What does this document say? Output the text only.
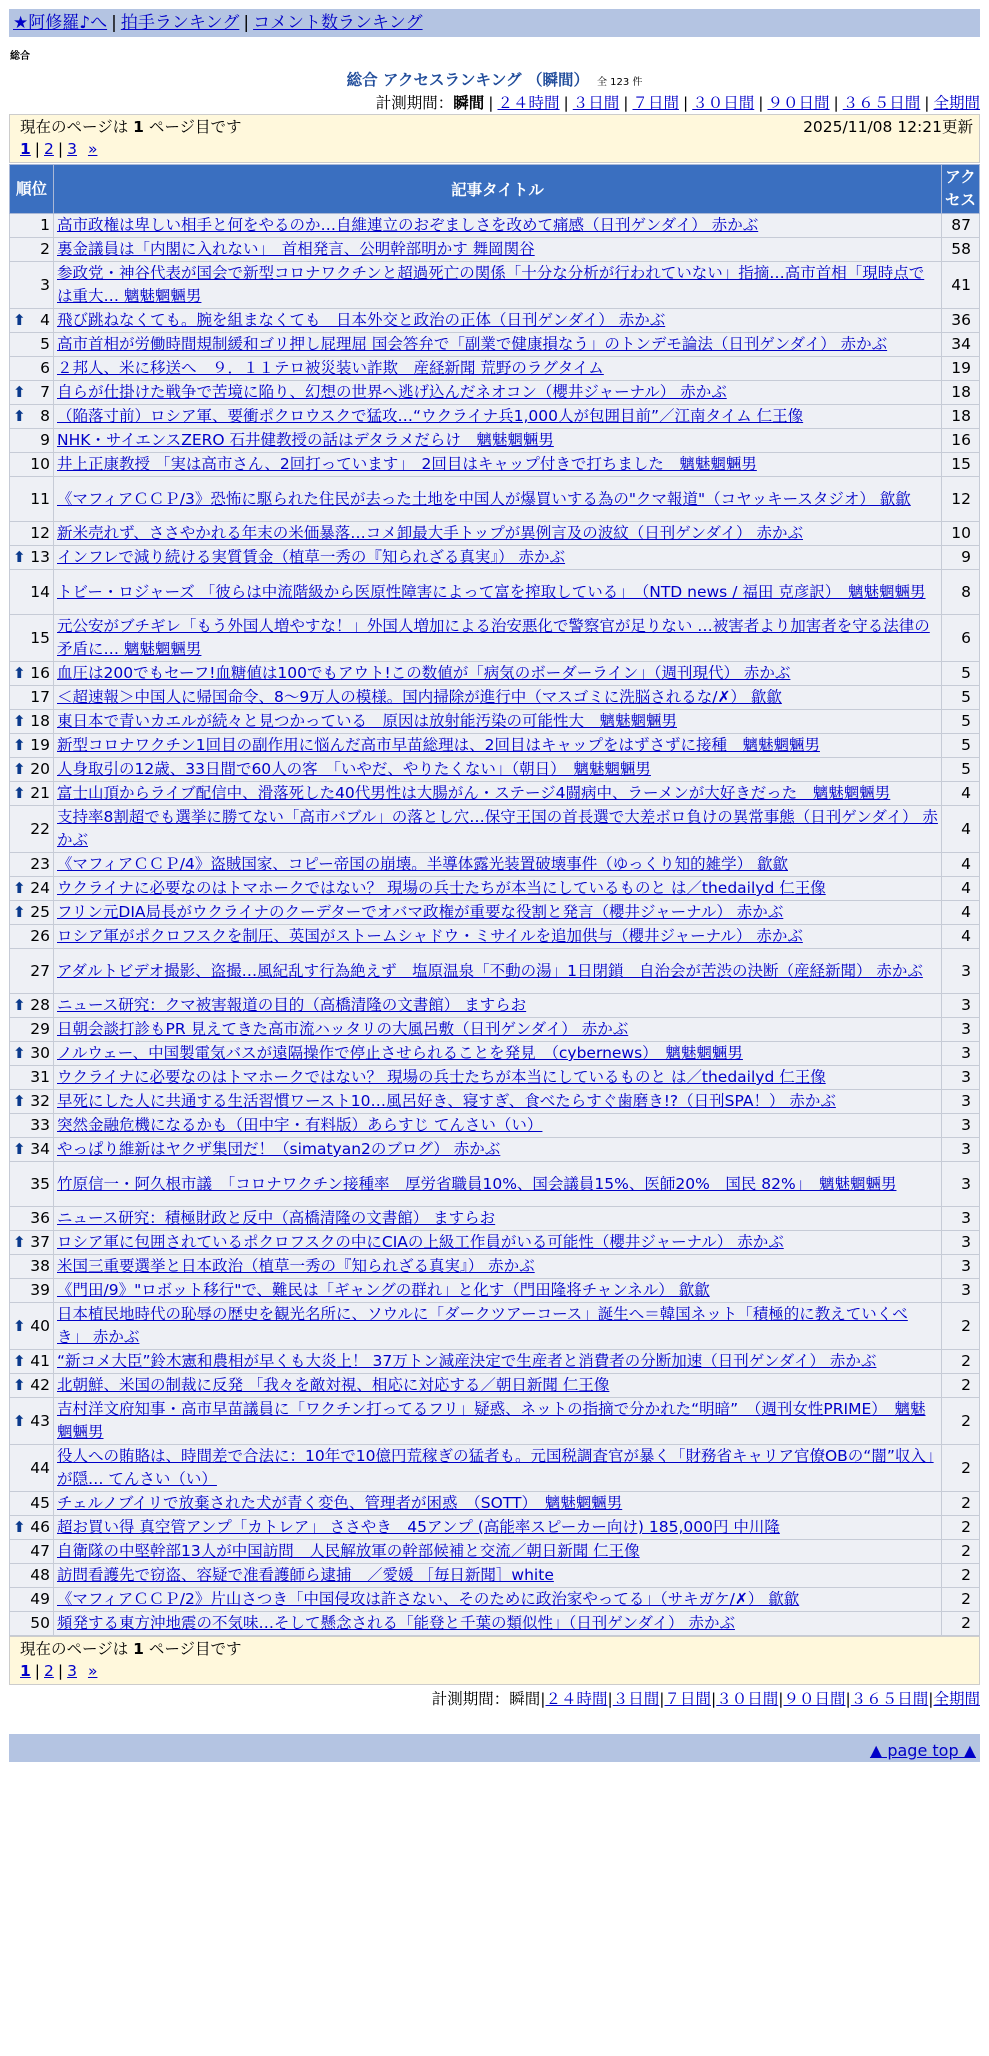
★阿修羅♪へ | 拍手ランキング | コメント数ランキング
総合
総合 アクセスランキング （瞬間） 全 123 件
計測期間：瞬間 | ２４時間 | ３日間 | ７日間 | ３０日間 | ９０日間 | ３６５日間 | 全期間
現在のページは 1 ページ目です	2025/11/08 12:21更新
1 | 2 | 3 »
順位	記事タイトル	アクセス
1	高市政権は卑しい相手と何をやるのか…自維連立のおぞましさを改めて痛感（日刊ゲンダイ） 赤かぶ	87
2	裏金議員は「内閣に入れない」　首相発言、公明幹部明かす 舞岡関谷	58
3	参政党・神谷代表が国会で新型コロナワクチンと超過死亡の関係「十分な分析が行われていない」指摘…高市首相「現時点では重大… 魑魅魍魎男	41

⬆ 4	飛び跳ねなくても。腕を組まなくても　日本外交と政治の正体（日刊ゲンダイ） 赤かぶ	36
5	高市首相が労働時間規制緩和ゴリ押し屁理屈 国会答弁で「副業で健康損なう」のトンデモ論法（日刊ゲンダイ） 赤かぶ	34
6	２邦人、米に移送へ　９．１１テロ被災装い詐欺　産経新聞 荒野のラグタイム	19

⬆ 7	自らが仕掛けた戦争で苦境に陥り、幻想の世界へ逃げ込んだネオコン（櫻井ジャーナル） 赤かぶ	18

⬆ 8	（陥落寸前）ロシア軍、要衝ポクロウスクで猛攻…“ウクライナ兵1,000人が包囲目前”／江南タイム 仁王像	18
9	NHK・サイエンスZERO 石井健教授の話はデタラメだらけ　魑魅魍魎男	16
10	井上正康教授 「実は高市さん、2回打っています」　2回目はキャップ付きで打ちました　魑魅魍魎男	15
11	《マフィアＣＣＰ/3》恐怖に駆られた住民が去った土地を中国人が爆買いする為の"クマ報道"（コヤッキースタジオ） 歙歙	12
12	新米売れず、ささやかれる年末の米価暴落…コメ卸最大手トップが異例言及の波紋（日刊ゲンダイ） 赤かぶ	10

⬆ 13	インフレで減り続ける実質賃金（植草一秀の『知られざる真実』） 赤かぶ	9
14	トビー・ロジャーズ 「彼らは中流階級から医原性障害によって富を搾取している」　（NTD news / 福田 克彦訳）　魑魅魍魎男	8
15	元公安がブチギレ「もう外国人増やすな！」外国人増加による治安悪化で警察官が足りない …被害者より加害者を守る法律の矛盾に… 魑魅魍魎男	6

⬆ 16	血圧は200でもセーフ!血糖値は100でもアウト!この数値が「病気のボーダーライン」（週刊現代） 赤かぶ	5
17	＜超速報＞中国人に帰国命令、8～9万人の模様。国内掃除が進行中（マスゴミに洗脳されるな/✗） 歙歙	5

⬆ 18	東日本で青いカエルが続々と見つかっている　原因は放射能汚染の可能性大　魑魅魍魎男	5

⬆ 19	新型コロナワクチン1回目の副作用に悩んだ高市早苗総理は、2回目はキャップをはずさずに接種　魑魅魍魎男	5

⬆ 20	人身取引の12歳、33日間で60人の客　「いやだ、やりたくない」（朝日）　魑魅魍魎男	5

⬆ 21	富士山頂からライブ配信中、滑落死した40代男性は大腸がん・ステージ4闘病中、ラーメンが大好きだった　魑魅魍魎男	4
22	支持率8割超でも選挙に勝てない「高市バブル」の落とし穴…保守王国の首長選で大差ボロ負けの異常事態（日刊ゲンダイ） 赤かぶ	4
23	《マフィアＣＣＰ/4》盗賊国家、コピー帝国の崩壊。半導体露光装置破壊事件（ゆっくり知的雑学） 歙歙	4

⬆ 24	ウクライナに必要なのはトマホークではない？ 現場の兵士たちが本当にしているものと は／thedailyd 仁王像	4

⬆ 25	フリン元DIA局長がウクライナのクーデターでオバマ政権が重要な役割と発言（櫻井ジャーナル） 赤かぶ	4
26	ロシア軍がポクロフスクを制圧、英国がストームシャドウ・ミサイルを追加供与（櫻井ジャーナル） 赤かぶ	4
27	アダルトビデオ撮影、盗撮…風紀乱す行為絶えず　塩原温泉「不動の湯」1日閉鎖　自治会が苦渋の決断（産経新聞） 赤かぶ	3

⬆ 28	ニュース研究：クマ被害報道の目的（高橋清隆の文書館） ますらお	3
29	日朝会談打診もPR 見えてきた高市流ハッタリの大風呂敷（日刊ゲンダイ） 赤かぶ	3

⬆ 30	ノルウェー、中国製電気バスが遠隔操作で停止させられることを発見　（cybernews）　魑魅魍魎男	3
31	ウクライナに必要なのはトマホークではない？ 現場の兵士たちが本当にしているものと は／thedailyd 仁王像	3

⬆ 32	早死にした人に共通する生活習慣ワースト10…風呂好き、寝すぎ、食べたらすぐ歯磨き!?（日刊SPA！） 赤かぶ	3
33	突然金融危機になるかも（田中宇・有料版）あらすじ てんさい（い）	3

⬆ 34	やっぱり維新はヤクザ集団だ！（simatyan2のブログ） 赤かぶ	3
35	竹原信一・阿久根市議　「コロナワクチン接種率　厚労省職員10%、国会議員15%、医師20%　国民 82%」　魑魅魍魎男	3
36	ニュース研究：積極財政と反中（高橋清隆の文書館） ますらお	3

⬆ 37	ロシア軍に包囲されているポクロフスクの中にCIAの上級工作員がいる可能性（櫻井ジャーナル） 赤かぶ	3
38	米国三重要選挙と日本政治（植草一秀の『知られざる真実』） 赤かぶ	3
39	《門田/9》"ロボット移行"で、難民は「ギャングの群れ」と化す（門田隆将チャンネル） 歙歙	3

⬆ 40	日本植民地時代の恥辱の歴史を観光名所に、ソウルに「ダークツアーコース」誕生へ＝韓国ネット「積極的に教えていくべき」 赤かぶ	2

⬆ 41	“新コメ大臣”鈴木憲和農相が早くも大炎上！ 37万トン減産決定で生産者と消費者の分断加速（日刊ゲンダイ） 赤かぶ	2

⬆ 42	北朝鮮、米国の制裁に反発 「我々を敵対視、相応に対応する／朝日新聞 仁王像	2

⬆ 43	吉村洋文府知事・高市早苗議員に「ワクチン打ってるフリ」疑惑、ネットの指摘で分かれた“明暗”　（週刊女性PRIME）　魑魅魍魎男	2
44	役人への賄賂は、時間差で合法に：10年で10億円荒稼ぎの猛者も。元国税調査官が暴く「財務省キャリア官僚OBの“闇”収入」が隠… てんさい（い）	2
45	チェルノブイリで放棄された犬が青く変色、管理者が困惑　（SOTT）　魑魅魍魎男	2

⬆ 46	超お買い得 真空管アンプ「カトレア」 ささやき　45アンプ (高能率スピーカー向け) 185,000円 中川隆	2
47	自衛隊の中堅幹部13人が中国訪問　人民解放軍の幹部候補と交流／朝日新聞 仁王像	2
48	訪問看護先で窃盗、容疑で准看護師ら逮捕　／愛媛 ［毎日新聞］white	2
49	《マフィアＣＣＰ/2》片山さつき「中国侵攻は許さない、そのために政治家やってる」（サキガケ/✗） 歙歙	2
50	頻発する東方沖地震の不気味…そして懸念される「能登と千葉の類似性」（日刊ゲンダイ） 赤かぶ	2
現在のページは 1 ページ目です
1 | 2 | 3 »
計測期間：瞬間|２４時間|３日間|７日間|３０日間|９０日間|３６５日間|全期間
▲ page top ▲
